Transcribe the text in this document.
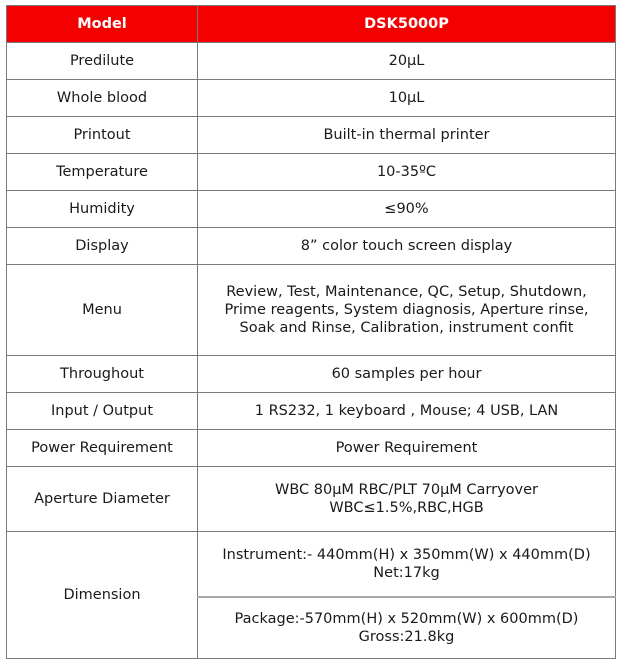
Model	DSK5000P
Predilute	20µL
Whole blood	10µL
Printout	Built-in thermal printer
Temperature	10-35ºC
Humidity	≤90%
Display	8” color touch screen display
Menu	Review, Test, Maintenance, QC, Setup, Shutdown, Prime reagents, System diagnosis, Aperture rinse, Soak and Rinse, Calibration, instrument confit
Throughout	60 samples per hour
Input / Output	1 RS232, 1 keyboard , Mouse; 4 USB, LAN
Power Requirement	Power Requirement
Aperture Diameter	WBC 80µM RBC/PLT 70µM Carryover WBC≤1.5%,RBC,HGB
Dimension	Instrument:- 440mm(H) x 350mm(W) x 440mm(D) Net:17kg
	Package:-570mm(H) x 520mm(W) x 600mm(D) Gross:21.8kg
